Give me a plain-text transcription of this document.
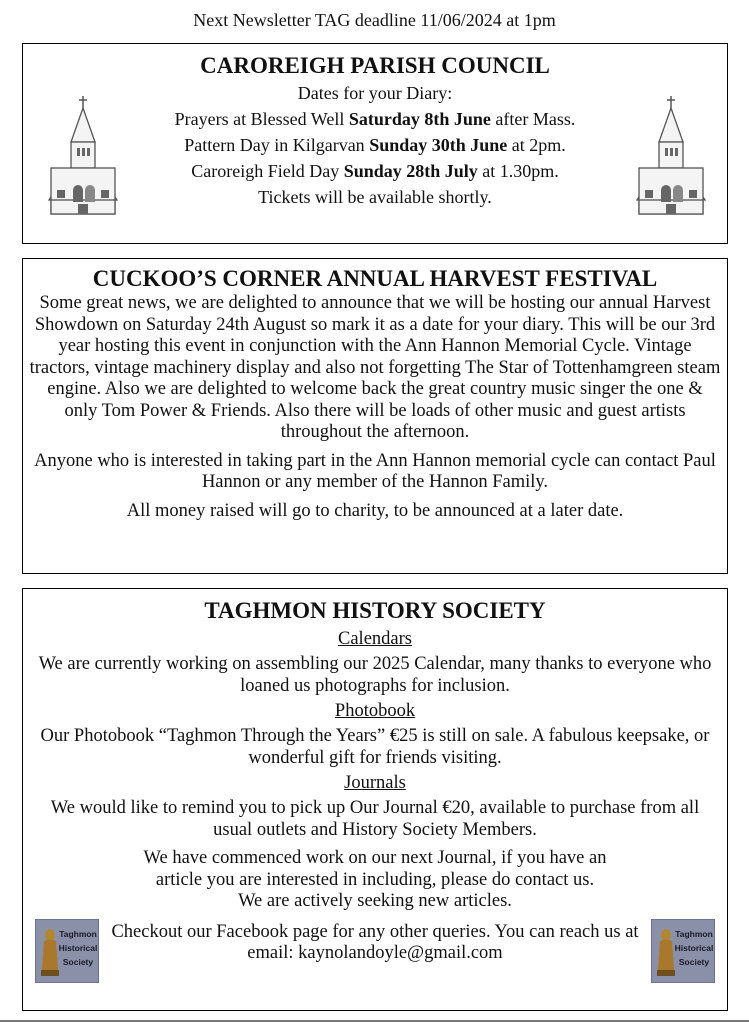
Next Newsletter TAG deadline 11/06/2024 at 1pm
CAROREIGH PARISH COUNCIL
Dates for your Diary:
Prayers at Blessed Well Saturday 8th June after Mass.
Pattern Day in Kilgarvan Sunday 30th June at 2pm.
Caroreigh Field Day Sunday 28th July at 1.30pm.
Tickets will be available shortly.
CUCKOO’S CORNER ANNUAL HARVEST FESTIVAL
Some great news, we are delighted to announce that we will be hosting our annual Harvest Showdown on Saturday 24th August so mark it as a date for your diary. This will be our 3rd year hosting this event in conjunction with the Ann Hannon Memorial Cycle. Vintage tractors, vintage machinery display and also not forgetting The Star of Tottenhamgreen steam engine. Also we are delighted to welcome back the great country music singer the one & only Tom Power & Friends. Also there will be loads of other music and guest artists throughout the afternoon.
Anyone who is interested in taking part in the Ann Hannon memorial cycle can contact Paul Hannon or any member of the Hannon Family.
All money raised will go to charity, to be announced at a later date.
TAGHMON HISTORY SOCIETY
Calendars
We are currently working on assembling our 2025 Calendar, many thanks to everyone who loaned us photographs for inclusion.
Photobook
Our Photobook “Taghmon Through the Years” €25 is still on sale. A fabulous keepsake, or wonderful gift for friends visiting.
Journals
We would like to remind you to pick up Our Journal €20, available to purchase from all usual outlets and History Society Members.
We have commenced work on our next Journal, if you have an article you are interested in including, please do contact us.
We are actively seeking new articles.
Checkout our Facebook page for any other queries. You can reach us at email: kaynolandoyle@gmail.com
Taghmon
Historical
Society
Taghmon
Historical
Society
